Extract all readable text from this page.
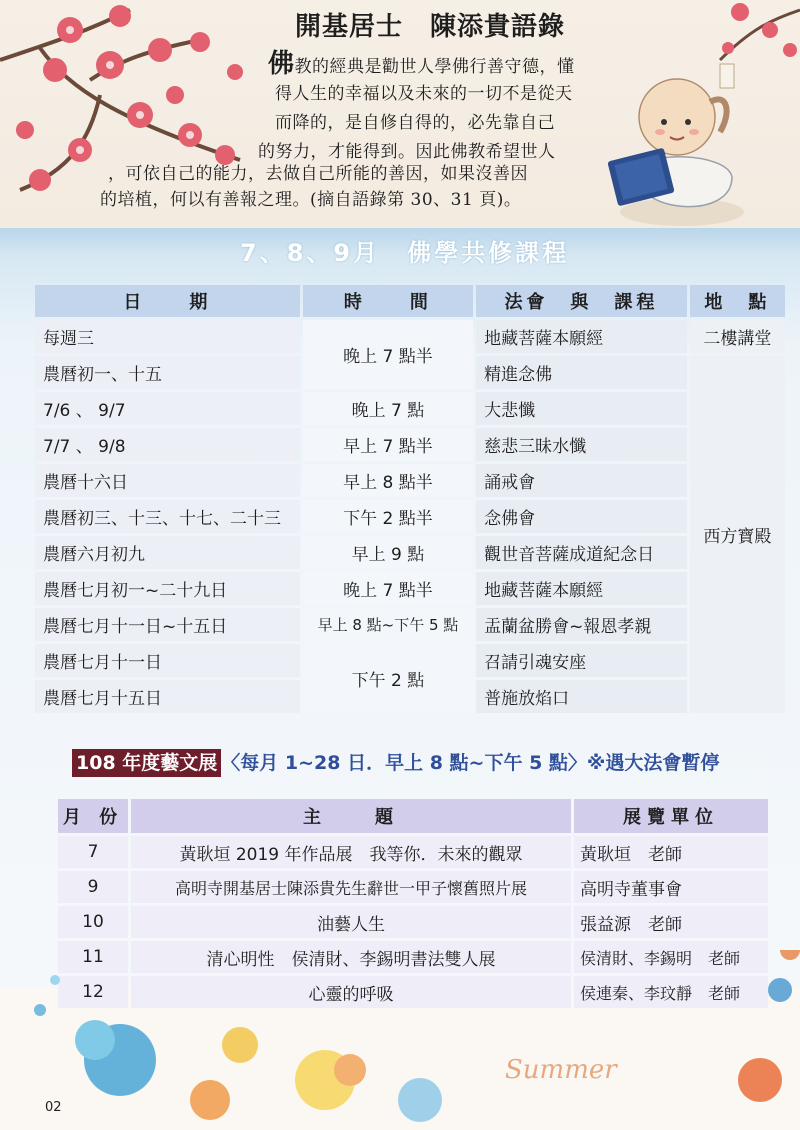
開基居士　陳添貴語錄
佛教的經典是勸世人學佛行善守德，懂
得人生的幸福以及未來的一切不是從天
而降的，是自修自得的，必先靠自己
的努力，才能得到。因此佛教希望世人
，可依自己的能力，去做自己所能的善因，如果沒善因
的培植，何以有善報之理。(摘自語錄第 30、31 頁)。
7、8、9月　佛學共修課程
日　　期	時　　間	法會　與　課程	地　點
每週三	晚上 7 點半	地藏菩薩本願經	二樓講堂
農曆初一、十五		精進念佛	西方寶殿
7/6 、 9/7	晚上 7 點	大悲懺	
7/7 、 9/8	早上 7 點半	慈悲三昧水懺	
農曆十六日	早上 8 點半	誦戒會	
農曆初三、十三、十七、二十三	下午 2 點半	念佛會	
農曆六月初九	早上 9 點	觀世音菩薩成道紀念日	
農曆七月初一~二十九日	晚上 7 點半	地藏菩薩本願經	
農曆七月十一日~十五日	早上 8 點~下午 5 點	盂蘭盆勝會~報恩孝親	
農曆七月十一日	下午 2 點	召請引魂安座	
農曆七月十五日		普施放焰口	
108 年度藝文展 〈每月 1~28 日．早上 8 點~下午 5 點〉※遇大法會暫停
月 份	主　　題	展覽單位
7	黃耿垣 2019 年作品展　我等你．未來的觀眾	黃耿垣　老師
9	高明寺開基居士陳添貴先生辭世一甲子懷舊照片展	高明寺董事會
10	油藝人生	張益源　老師
11	清心明性　侯清財、李錫明書法雙人展	侯清財、李錫明　老師
12	心靈的呼吸	侯連秦、李玟靜　老師
Summer
02
